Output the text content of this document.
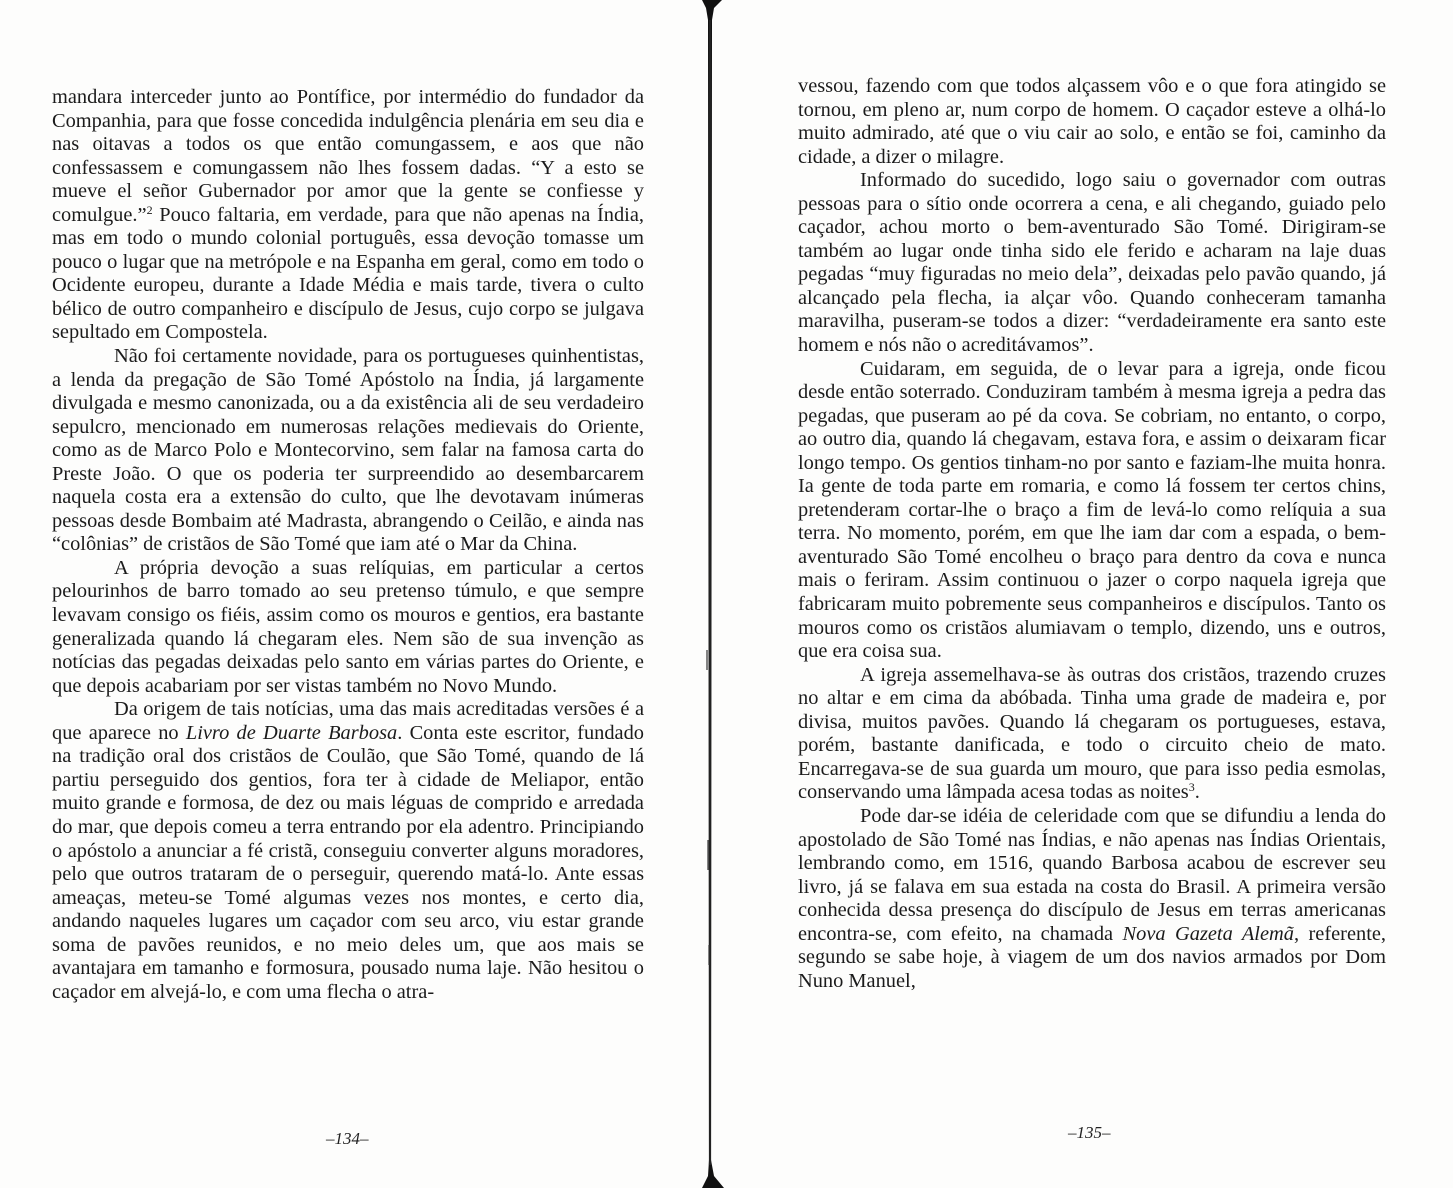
mandara interceder junto ao Pontífice, por intermédio do fundador da Companhia, para que fosse concedida indulgência plenária em seu dia e nas oitavas a todos os que então comungassem, e aos que não confessassem e comungassem não lhes fossem dadas. “Y a esto se mueve el señor Gubernador por amor que la gente se confiesse y comulgue.”$^2$ Pouco faltaria, em verdade, para que não apenas na Índia, mas em todo o mundo colonial português, essa devoção tomasse um pouco o lugar que na metrópole e na Espanha em geral, como em todo o Ocidente europeu, durante a Idade Média e mais tarde, tivera o culto bélico de outro companheiro e discípulo de Jesus, cujo corpo se julgava sepultado em Compostela.

Não foi certamente novidade, para os portugueses quinhentistas, a lenda da pregação de São Tomé Apóstolo na Índia, já largamente divulgada e mesmo canonizada, ou a da existência ali de seu verdadeiro sepulcro, mencionado em numerosas relações medievais do Oriente, como as de Marco Polo e Montecorvino, sem falar na famosa carta do Preste João. O que os poderia ter surpreendido ao desembarcarem naquela costa era a extensão do culto, que lhe devotavam inúmeras pessoas desde Bombaim até Madrasta, abrangendo o Ceilão, e ainda nas “colônias” de cristãos de São Tomé que iam até o Mar da China.

A própria devoção a suas relíquias, em particular a certos pelourinhos de barro tomado ao seu pretenso túmulo, e que sempre levavam consigo os fiéis, assim como os mouros e gentios, era bastante generalizada quando lá chegaram eles. Nem são de sua invenção as notícias das pegadas deixadas pelo santo em várias partes do Oriente, e que depois acabariam por ser vistas também no Novo Mundo.

Da origem de tais notícias, uma das mais acreditadas versões é a que aparece no Livro de Duarte Barbosa. Conta este escritor, fundado na tradição oral dos cristãos de Coulão, que São Tomé, quando de lá partiu perseguido dos gentios, fora ter à cidade de Meliapor, então muito grande e formosa, de dez ou mais léguas de comprido e arredada do mar, que depois comeu a terra entrando por ela adentro. Principiando o apóstolo a anunciar a fé cristã, conseguiu converter alguns moradores, pelo que outros trataram de o perseguir, querendo matá-lo. Ante essas ameaças, meteu-se Tomé algumas vezes nos montes, e certo dia, andando naqueles lugares um caçador com seu arco, viu estar grande soma de pavões reunidos, e no meio deles um, que aos mais se avantajara em tamanho e formosura, pousado numa laje. Não hesitou o caçador em alvejá-lo, e com uma flecha o atra-

–134–

vessou, fazendo com que todos alçassem vôo e o que fora atingido se tornou, em pleno ar, num corpo de homem. O caçador esteve a olhá-lo muito admirado, até que o viu cair ao solo, e então se foi, caminho da cidade, a dizer o milagre.

Informado do sucedido, logo saiu o governador com outras pessoas para o sítio onde ocorrera a cena, e ali chegando, guiado pelo caçador, achou morto o bem-aventurado São Tomé. Dirigiram-se também ao lugar onde tinha sido ele ferido e acharam na laje duas pegadas “muy figuradas no meio dela”, deixadas pelo pavão quando, já alcançado pela flecha, ia alçar vôo. Quando conheceram tamanha maravilha, puseram-se todos a dizer: “verdadeiramente era santo este homem e nós não o acreditávamos”.

Cuidaram, em seguida, de o levar para a igreja, onde ficou desde então soterrado. Conduziram também à mesma igreja a pedra das pegadas, que puseram ao pé da cova. Se cobriam, no entanto, o corpo, ao outro dia, quando lá chegavam, estava fora, e assim o deixaram ficar longo tempo. Os gentios tinham-no por santo e faziam-lhe muita honra. Ia gente de toda parte em romaria, e como lá fossem ter certos chins, pretenderam cortar-lhe o braço a fim de levá-lo como relíquia a sua terra. No momento, porém, em que lhe iam dar com a espada, o bem-aventurado São Tomé encolheu o braço para dentro da cova e nunca mais o feriram. Assim continuou o jazer o corpo naquela igreja que fabricaram muito pobremente seus companheiros e discípulos. Tanto os mouros como os cristãos alumiavam o templo, dizendo, uns e outros, que era coisa sua.

A igreja assemelhava-se às outras dos cristãos, trazendo cruzes no altar e em cima da abóbada. Tinha uma grade de madeira e, por divisa, muitos pavões. Quando lá chegaram os portugueses, estava, porém, bastante danificada, e todo o circuito cheio de mato. Encarregava-se de sua guarda um mouro, que para isso pedia esmolas, conservando uma lâmpada acesa todas as noites$^3$.

Pode dar-se idéia de celeridade com que se difundiu a lenda do apostolado de São Tomé nas Índias, e não apenas nas Índias Orientais, lembrando como, em 1516, quando Barbosa acabou de escrever seu livro, já se falava em sua estada na costa do Brasil. A primeira versão conhecida dessa presença do discípulo de Jesus em terras americanas encontra-se, com efeito, na chamada Nova Gazeta Alemã, referente, segundo se sabe hoje, à viagem de um dos navios armados por Dom Nuno Manuel,

–135–
